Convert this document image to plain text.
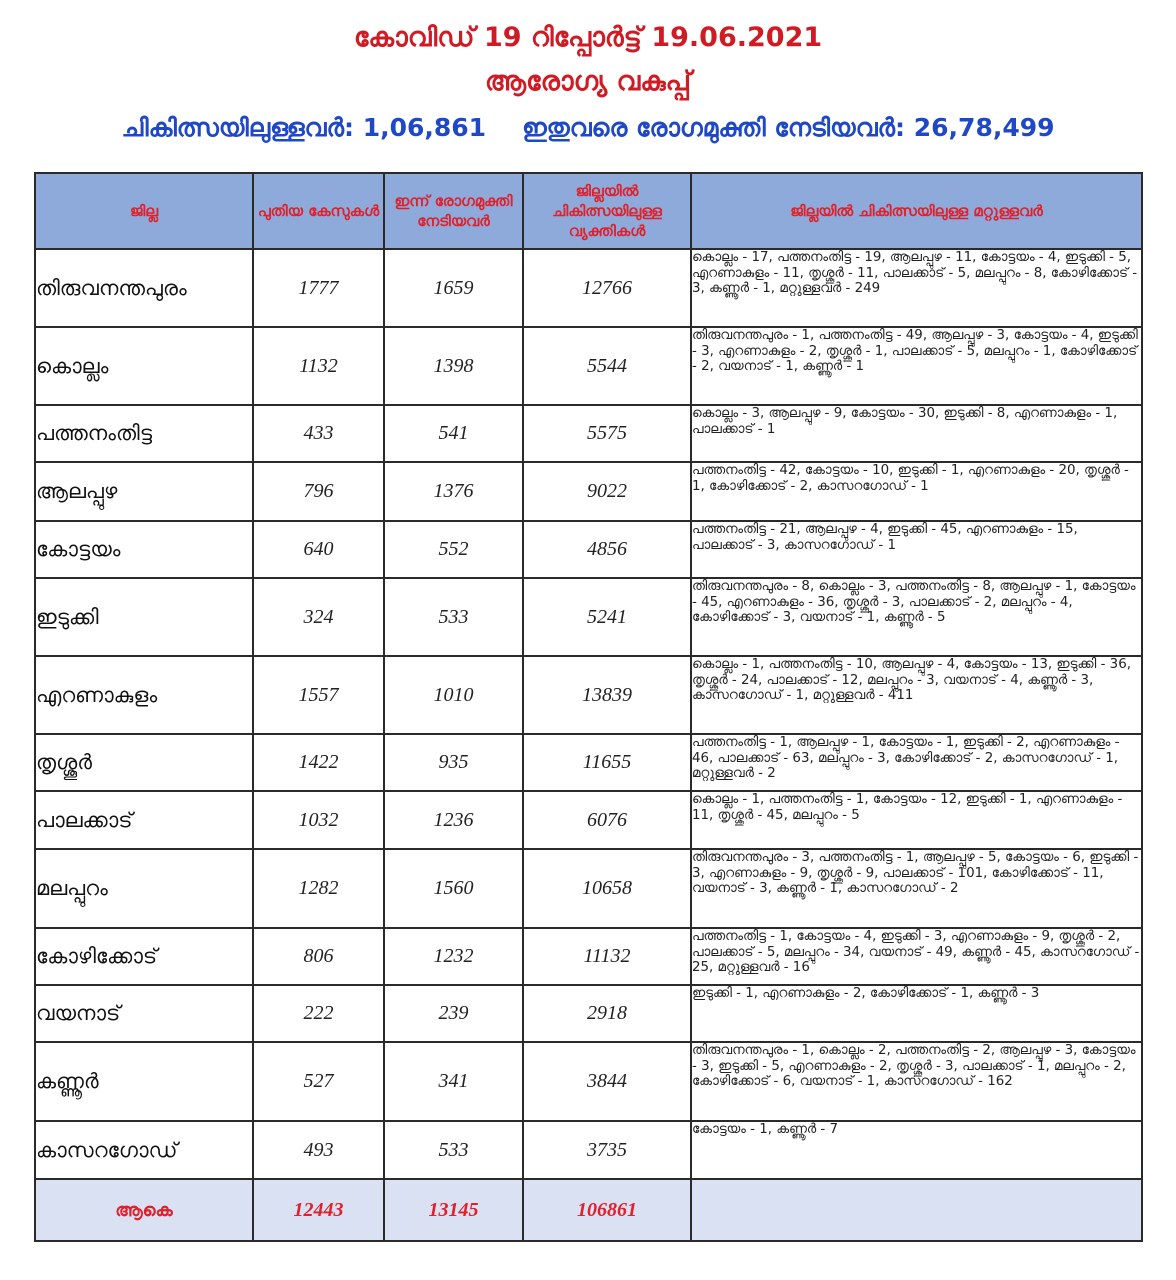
കോവിഡ് 19 റിപ്പോർട്ട് 19.06.2021
ആരോഗ്യ വകുപ്പ്
ചികിത്സയിലുള്ളവർ: 1,06,861 ഇതുവരെ രോഗമുക്തി നേടിയവർ: 26,78,499
ജില്ല	പുതിയ കേസുകൾ	ഇന്ന് രോഗമുക്തി നേടിയവർ	ജില്ലയിൽ ചികിത്സയിലുള്ള വ്യക്തികൾ	ജില്ലയിൽ ചികിത്സയിലുള്ള മറ്റുള്ളവർ
തിരുവനന്തപുരം	1777	1659	12766	കൊല്ലം - 17, പത്തനംതിട്ട - 19, ആലപ്പുഴ - 11, കോട്ടയം - 4, ഇടുക്കി - 5, എറണാകുളം - 11, തൃശ്ശൂർ - 11, പാലക്കാട് - 5, മലപ്പുറം - 8, കോഴിക്കോട് - 3, കണ്ണൂർ - 1, മറ്റുള്ളവർ - 249
കൊല്ലം	1132	1398	5544	തിരുവനന്തപുരം - 1, പത്തനംതിട്ട - 49, ആലപ്പുഴ - 3, കോട്ടയം - 4, ഇടുക്കി - 3, എറണാകുളം - 2, തൃശ്ശൂർ - 1, പാലക്കാട് - 5, മലപ്പുറം - 1, കോഴിക്കോട് - 2, വയനാട് - 1, കണ്ണൂർ - 1
പത്തനംതിട്ട	433	541	5575	കൊല്ലം - 3, ആലപ്പുഴ - 9, കോട്ടയം - 30, ഇടുക്കി - 8, എറണാകുളം - 1, പാലക്കാട് - 1
ആലപ്പുഴ	796	1376	9022	പത്തനംതിട്ട - 42, കോട്ടയം - 10, ഇടുക്കി - 1, എറണാകുളം - 20, തൃശ്ശൂർ - 1, കോഴിക്കോട് - 2, കാസറഗോഡ് - 1
കോട്ടയം	640	552	4856	പത്തനംതിട്ട - 21, ആലപ്പുഴ - 4, ഇടുക്കി - 45, എറണാകുളം - 15, പാലക്കാട് - 3, കാസറഗോഡ് - 1
ഇടുക്കി	324	533	5241	തിരുവനന്തപുരം - 8, കൊല്ലം - 3, പത്തനംതിട്ട - 8, ആലപ്പുഴ - 1, കോട്ടയം - 45, എറണാകുളം - 36, തൃശ്ശൂർ - 3, പാലക്കാട് - 2, മലപ്പുറം - 4, കോഴിക്കോട് - 3, വയനാട് - 1, കണ്ണൂർ - 5
എറണാകുളം	1557	1010	13839	കൊല്ലം - 1, പത്തനംതിട്ട - 10, ആലപ്പുഴ - 4, കോട്ടയം - 13, ഇടുക്കി - 36, തൃശ്ശൂർ - 24, പാലക്കാട് - 12, മലപ്പുറം - 3, വയനാട് - 4, കണ്ണൂർ - 3, കാസറഗോഡ് - 1, മറ്റുള്ളവർ - 411
തൃശ്ശൂർ	1422	935	11655	പത്തനംതിട്ട - 1, ആലപ്പുഴ - 1, കോട്ടയം - 1, ഇടുക്കി - 2, എറണാകുളം - 46, പാലക്കാട് - 63, മലപ്പുറം - 3, കോഴിക്കോട് - 2, കാസറഗോഡ് - 1, മറ്റുള്ളവർ - 2
പാലക്കാട്	1032	1236	6076	കൊല്ലം - 1, പത്തനംതിട്ട - 1, കോട്ടയം - 12, ഇടുക്കി - 1, എറണാകുളം - 11, തൃശ്ശൂർ - 45, മലപ്പുറം - 5
മലപ്പുറം	1282	1560	10658	തിരുവനന്തപുരം - 3, പത്തനംതിട്ട - 1, ആലപ്പുഴ - 5, കോട്ടയം - 6, ഇടുക്കി - 3, എറണാകുളം - 9, തൃശ്ശൂർ - 9, പാലക്കാട് - 101, കോഴിക്കോട് - 11, വയനാട് - 3, കണ്ണൂർ - 1, കാസറഗോഡ് - 2
കോഴിക്കോട്	806	1232	11132	പത്തനംതിട്ട - 1, കോട്ടയം - 4, ഇടുക്കി - 3, എറണാകുളം - 9, തൃശ്ശൂർ - 2, പാലക്കാട് - 5, മലപ്പുറം - 34, വയനാട് - 49, കണ്ണൂർ - 45, കാസറഗോഡ് - 25, മറ്റുള്ളവർ - 16
വയനാട്	222	239	2918	ഇടുക്കി - 1, എറണാകുളം - 2, കോഴിക്കോട് - 1, കണ്ണൂർ - 3
കണ്ണൂർ	527	341	3844	തിരുവനന്തപുരം - 1, കൊല്ലം - 2, പത്തനംതിട്ട - 2, ആലപ്പുഴ - 3, കോട്ടയം - 3, ഇടുക്കി - 5, എറണാകുളം - 2, തൃശ്ശൂർ - 3, പാലക്കാട് - 1, മലപ്പുറം - 2, കോഴിക്കോട് - 6, വയനാട് - 1, കാസറഗോഡ് - 162
കാസറഗോഡ്	493	533	3735	കോട്ടയം - 1, കണ്ണൂർ - 7
ആകെ	12443	13145	106861	
